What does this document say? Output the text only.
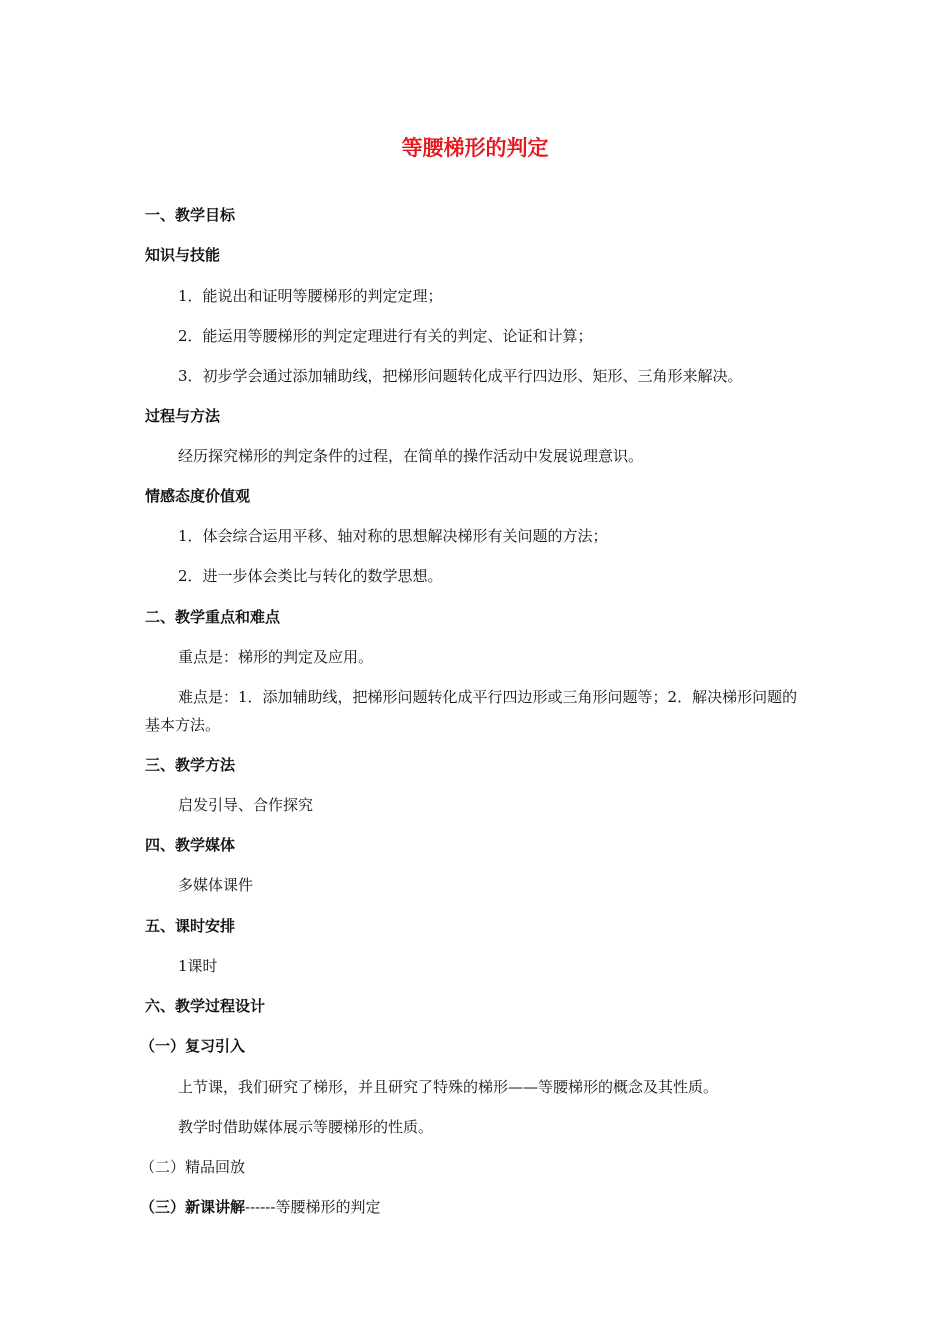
等腰梯形的判定
一、教学目标
知识与技能
1．能说出和证明等腰梯形的判定定理；
2．能运用等腰梯形的判定定理进行有关的判定、论证和计算；
3．初步学会通过添加辅助线，把梯形问题转化成平行四边形、矩形、三角形来解决。
过程与方法
经历探究梯形的判定条件的过程，在简单的操作活动中发展说理意识。
情感态度价值观
1．体会综合运用平移、轴对称的思想解决梯形有关问题的方法；
2．进一步体会类比与转化的数学思想。
二、教学重点和难点
重点是：梯形的判定及应用。
难点是：1．添加辅助线，把梯形问题转化成平行四边形或三角形问题等；2．解决梯形问题的基本方法。
三、教学方法
启发引导、合作探究
四、教学媒体
多媒体课件
五、课时安排
1课时
六、教学过程设计
（一）复习引入
上节课，我们研究了梯形，并且研究了特殊的梯形——等腰梯形的概念及其性质。
教学时借助媒体展示等腰梯形的性质。
（二）精品回放
（三）新课讲解------等腰梯形的判定
